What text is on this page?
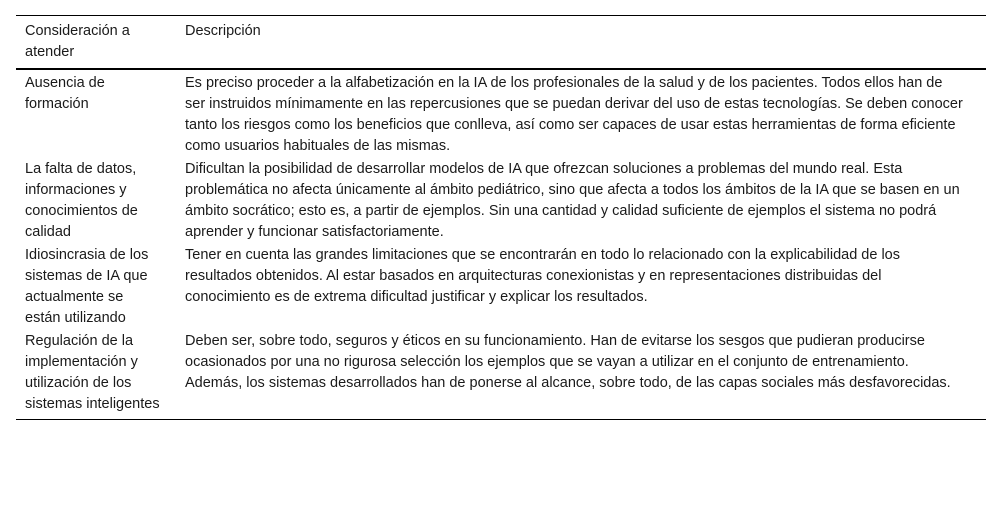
Consideración a atender	Descripción
Ausencia de formación	Es preciso proceder a la alfabetización en la IA de los profesionales de la salud y de los pacientes. Todos ellos han de ser instruidos mínimamente en las repercusiones que se puedan derivar del uso de estas tecnologías. Se deben conocer tanto los riesgos como los beneficios que conlleva, así como ser capaces de usar estas herramientas de forma eficiente como usuarios habituales de las mismas.
La falta de datos, informaciones y conocimientos de calidad	Dificultan la posibilidad de desarrollar modelos de IA que ofrezcan soluciones a problemas del mundo real. Esta problemática no afecta únicamente al ámbito pediátrico, sino que afecta a todos los ámbitos de la IA que se basen en un ámbito socrático; esto es, a partir de ejemplos. Sin una cantidad y calidad suficiente de ejemplos el sistema no podrá aprender y funcionar satisfactoriamente.
Idiosincrasia de los sistemas de IA que actualmente se están utilizando	Tener en cuenta las grandes limitaciones que se encontrarán en todo lo relacionado con la explicabilidad de los resultados obtenidos. Al estar basados en arquitecturas conexionistas y en representaciones distribuidas del conocimiento es de extrema dificultad justificar y explicar los resultados.
Regulación de la implementación y utilización de los sistemas inteligentes	Deben ser, sobre todo, seguros y éticos en su funcionamiento. Han de evitarse los sesgos que pudieran producirse ocasionados por una no rigurosa selección los ejemplos que se vayan a utilizar en el conjunto de entrenamiento. Además, los sistemas desarrollados han de ponerse al alcance, sobre todo, de las capas sociales más desfavorecidas.
